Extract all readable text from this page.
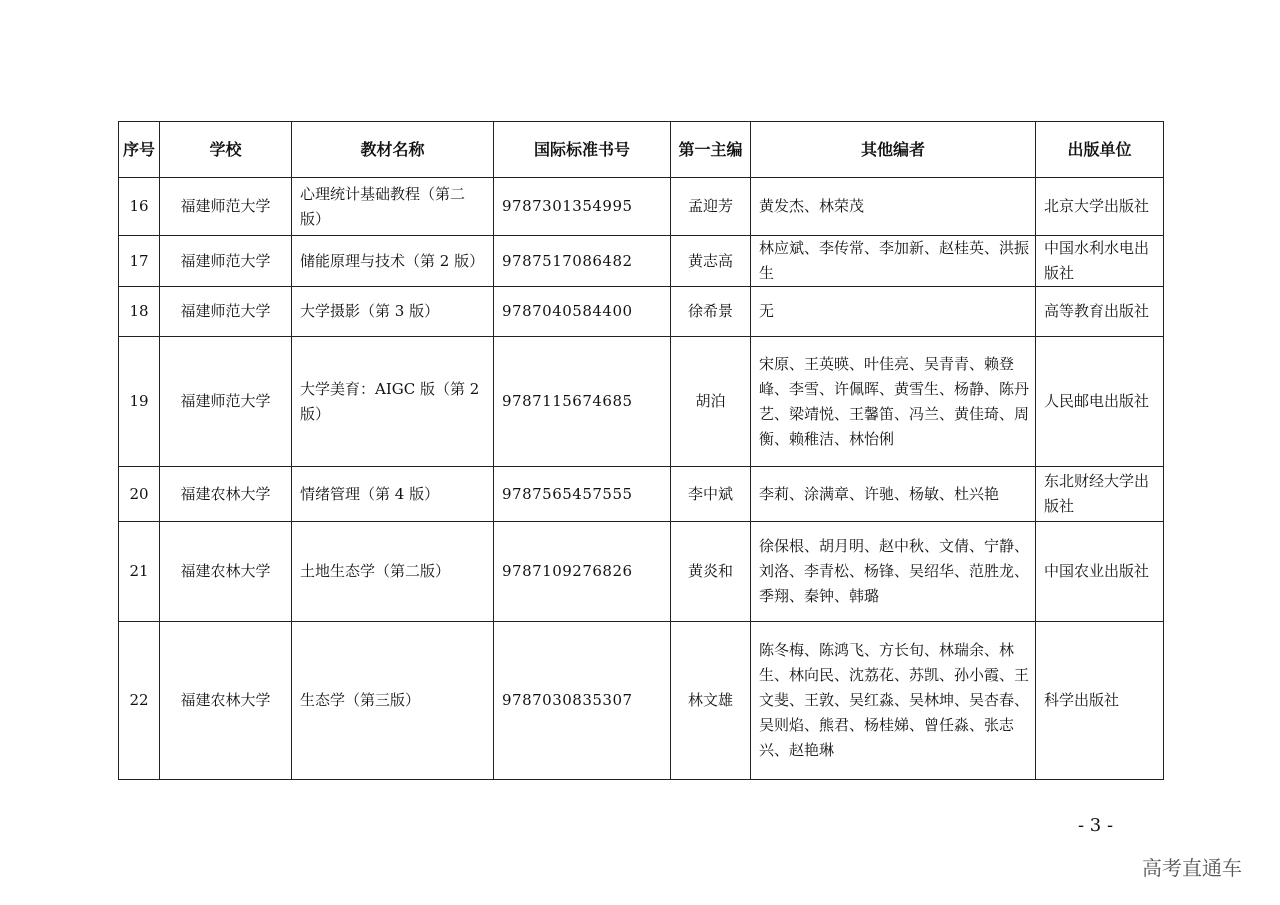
序号	学校	教材名称	国际标准书号	第一主编	其他编者	出版单位
16	福建师范大学	心理统计基础教程（第二版）	9787301354995	孟迎芳	黄发杰、林荣茂	北京大学出版社
17	福建师范大学	储能原理与技术（第 2 版）	9787517086482	黄志高	林应斌、李传常、李加新、赵桂英、洪振生	中国水利水电出版社
18	福建师范大学	大学摄影（第 3 版）	9787040584400	徐希景	无	高等教育出版社
19	福建师范大学	大学美育：AIGC 版（第 2 版）	9787115674685	胡泊	宋原、王英暎、叶佳亮、吴青青、赖登峰、李雪、许佩晖、黄雪生、杨静、陈丹艺、梁靖悦、王馨笛、冯兰、黄佳琦、周衡、赖稚洁、林怡俐	人民邮电出版社
20	福建农林大学	情绪管理（第 4 版）	9787565457555	李中斌	李莉、涂满章、许驰、杨敏、杜兴艳	东北财经大学出版社
21	福建农林大学	土地生态学（第二版）	9787109276826	黄炎和	徐保根、胡月明、赵中秋、文倩、宁静、刘洛、李青松、杨锋、吴绍华、范胜龙、季翔、秦钟、韩璐	中国农业出版社
22	福建农林大学	生态学（第三版）	9787030835307	林文雄	陈冬梅、陈鸿飞、方长旬、林瑞余、林生、林向民、沈荔花、苏凯、孙小霞、王文斐、王敦、吴红淼、吴林坤、吴杏春、吴则焰、熊君、杨桂娣、曾任淼、张志兴、赵艳琳	科学出版社
- 3 -
高考直通车
